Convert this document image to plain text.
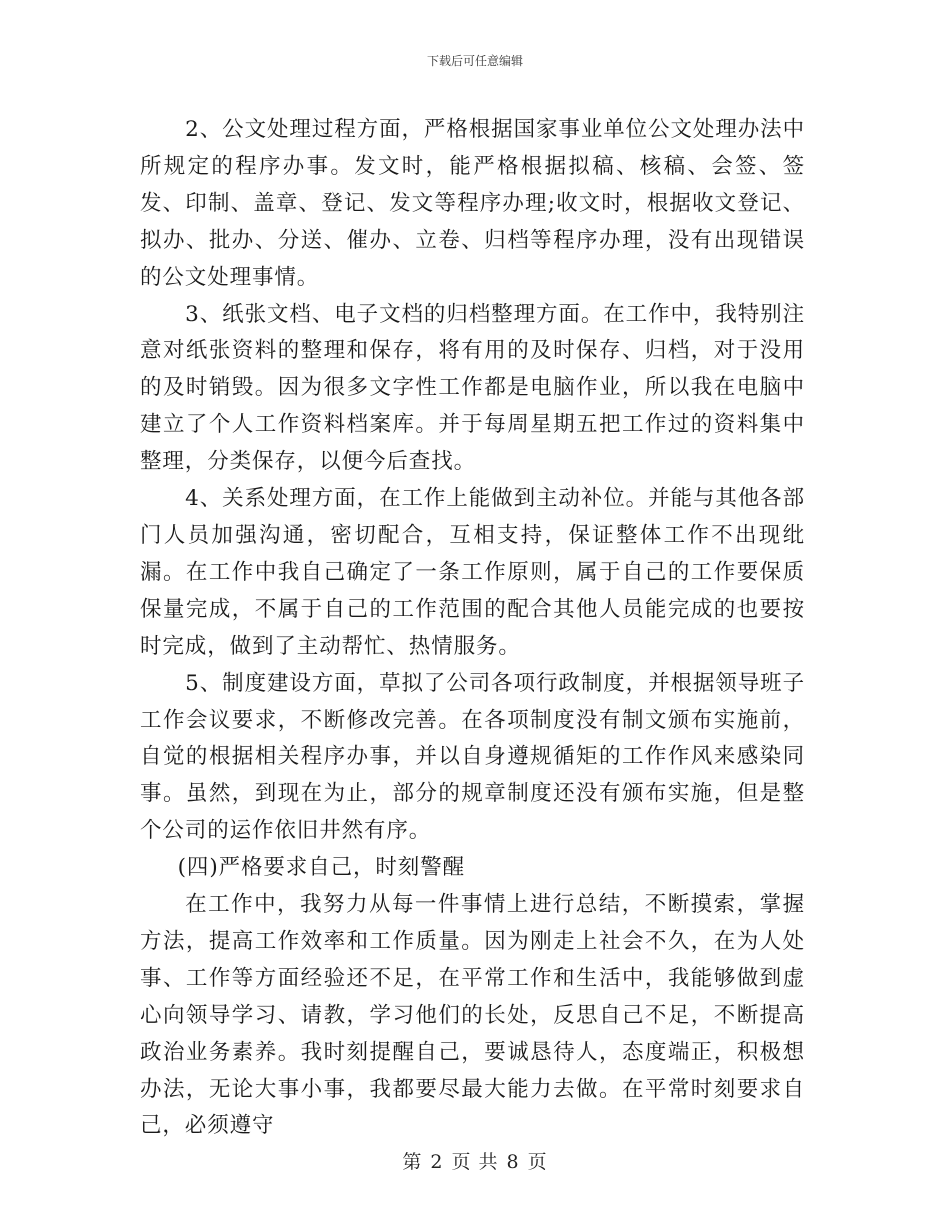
下载后可任意编辑

2、公文处理过程方面，严格根据国家事业单位公文处理办法中所规定的程序办事。发文时，能严格根据拟稿、核稿、会签、签发、印制、盖章、登记、发文等程序办理;收文时，根据收文登记、拟办、批办、分送、催办、立卷、归档等程序办理，没有出现错误的公文处理事情。

3、纸张文档、电子文档的归档整理方面。在工作中，我特别注意对纸张资料的整理和保存，将有用的及时保存、归档，对于没用的及时销毁。因为很多文字性工作都是电脑作业，所以我在电脑中建立了个人工作资料档案库。并于每周星期五把工作过的资料集中整理，分类保存，以便今后查找。

4、关系处理方面，在工作上能做到主动补位。并能与其他各部门人员加强沟通，密切配合，互相支持，保证整体工作不出现纰漏。在工作中我自己确定了一条工作原则，属于自己的工作要保质保量完成，不属于自己的工作范围的配合其他人员能完成的也要按时完成，做到了主动帮忙、热情服务。

5、制度建设方面，草拟了公司各项行政制度，并根据领导班子工作会议要求，不断修改完善。在各项制度没有制文颁布实施前，自觉的根据相关程序办事，并以自身遵规循矩的工作作风来感染同事。虽然，到现在为止，部分的规章制度还没有颁布实施，但是整个公司的运作依旧井然有序。

(四)严格要求自己，时刻警醒

在工作中，我努力从每一件事情上进行总结，不断摸索，掌握方法，提高工作效率和工作质量。因为刚走上社会不久，在为人处事、工作等方面经验还不足，在平常工作和生活中，我能够做到虚心向领导学习、请教，学习他们的长处，反思自己不足，不断提高政治业务素养。我时刻提醒自己，要诚恳待人，态度端正，积极想办法，无论大事小事，我都要尽最大能力去做。在平常时刻要求自己，必须遵守

第 2 页 共 8 页
